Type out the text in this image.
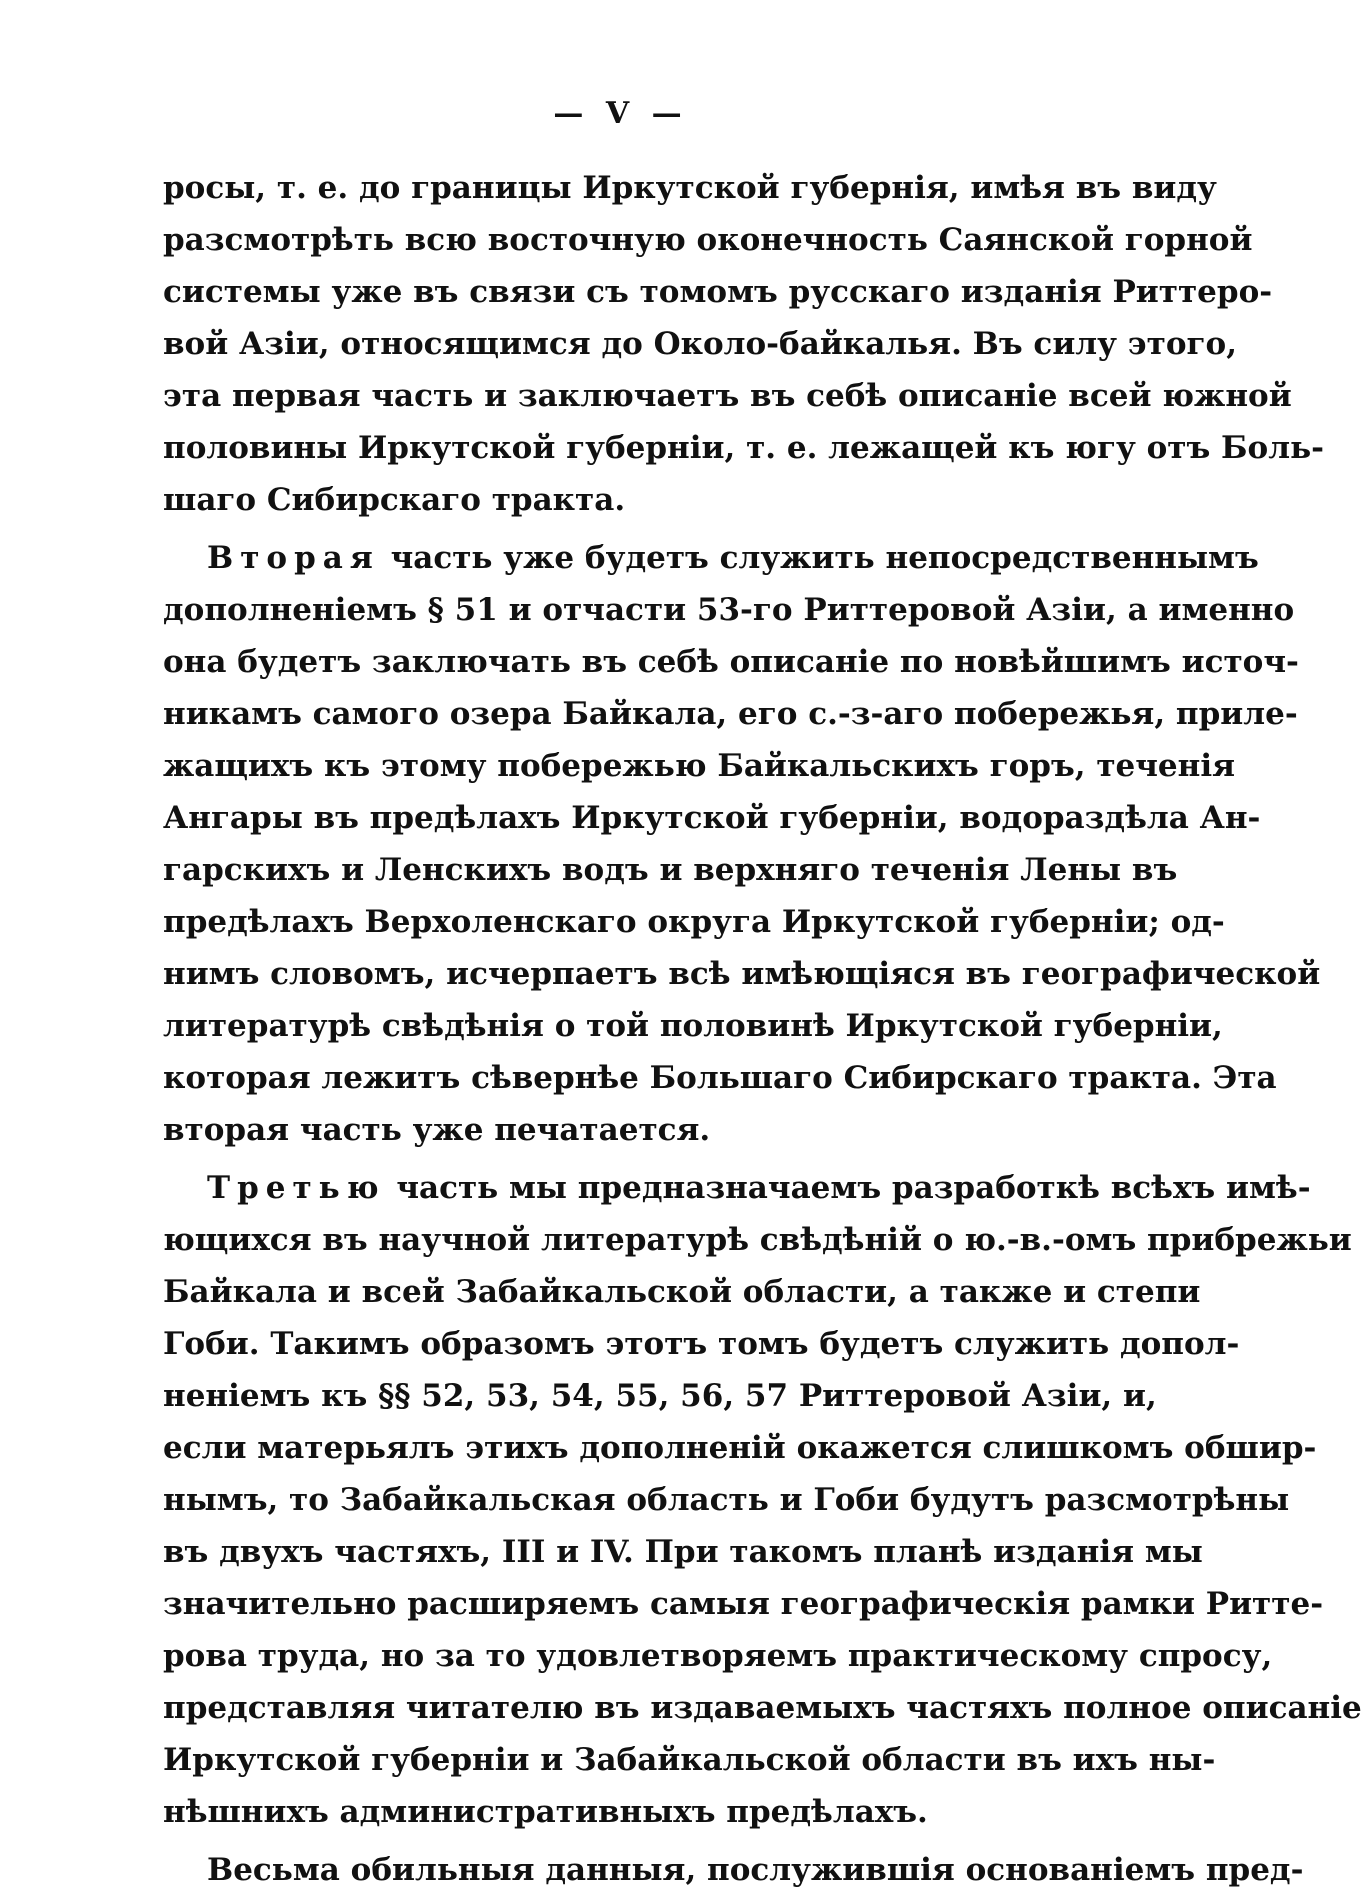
— V —
росы, т. е. до границы Иркутской губернія, имѣя въ виду
разсмотрѣть всю восточную оконечность Саянской горной
системы уже въ связи съ томомъ русскаго изданія Риттеро-
вой Азіи, относящимся до Около-байкалья. Въ силу этого,
эта первая часть и заключаетъ въ себѣ описаніе всей южной
половины Иркутской губерніи, т. е. лежащей къ югу отъ Боль-
шаго Сибирскаго тракта.
Вторая часть уже будетъ служить непосредственнымъ
дополненіемъ § 51 и отчасти 53-го Риттеровой Азіи, а именно
она будетъ заключать въ себѣ описаніе по новѣйшимъ источ-
никамъ самого озера Байкала, его с.-з-аго побережья, приле-
жащихъ къ этому побережью Байкальскихъ горъ, теченія
Ангары въ предѣлахъ Иркутской губерніи, водораздѣла Ан-
гарскихъ и Ленскихъ водъ и верхняго теченія Лены въ
предѣлахъ Верхоленскаго округа Иркутской губерніи; од-
нимъ словомъ, исчерпаетъ всѣ имѣющіяся въ географической
литературѣ свѣдѣнія о той половинѣ Иркутской губерніи,
которая лежитъ сѣвернѣе Большаго Сибирскаго тракта. Эта
вторая часть уже печатается.
Третью часть мы предназначаемъ разработкѣ всѣхъ имѣ-
ющихся въ научной литературѣ свѣдѣній о ю.-в.-омъ прибрежьи
Байкала и всей Забайкальской области, а также и степи
Гоби. Такимъ образомъ этотъ томъ будетъ служить допол-
неніемъ къ §§ 52, 53, 54, 55, 56, 57 Риттеровой Азіи, и,
если матерьялъ этихъ дополненій окажется слишкомъ обшир-
нымъ, то Забайкальская область и Гоби будутъ разсмотрѣны
въ двухъ частяхъ, III и IV. При такомъ планѣ изданія мы
значительно расширяемъ самыя географическія рамки Ритте-
рова труда, но за то удовлетворяемъ практическому спросу,
представляя читателю въ издаваемыхъ частяхъ полное описаніе
Иркутской губерніи и Забайкальской области въ ихъ ны-
нѣшнихъ административныхъ предѣлахъ.
Весьма обильныя данныя, послужившія основаніемъ пред-
